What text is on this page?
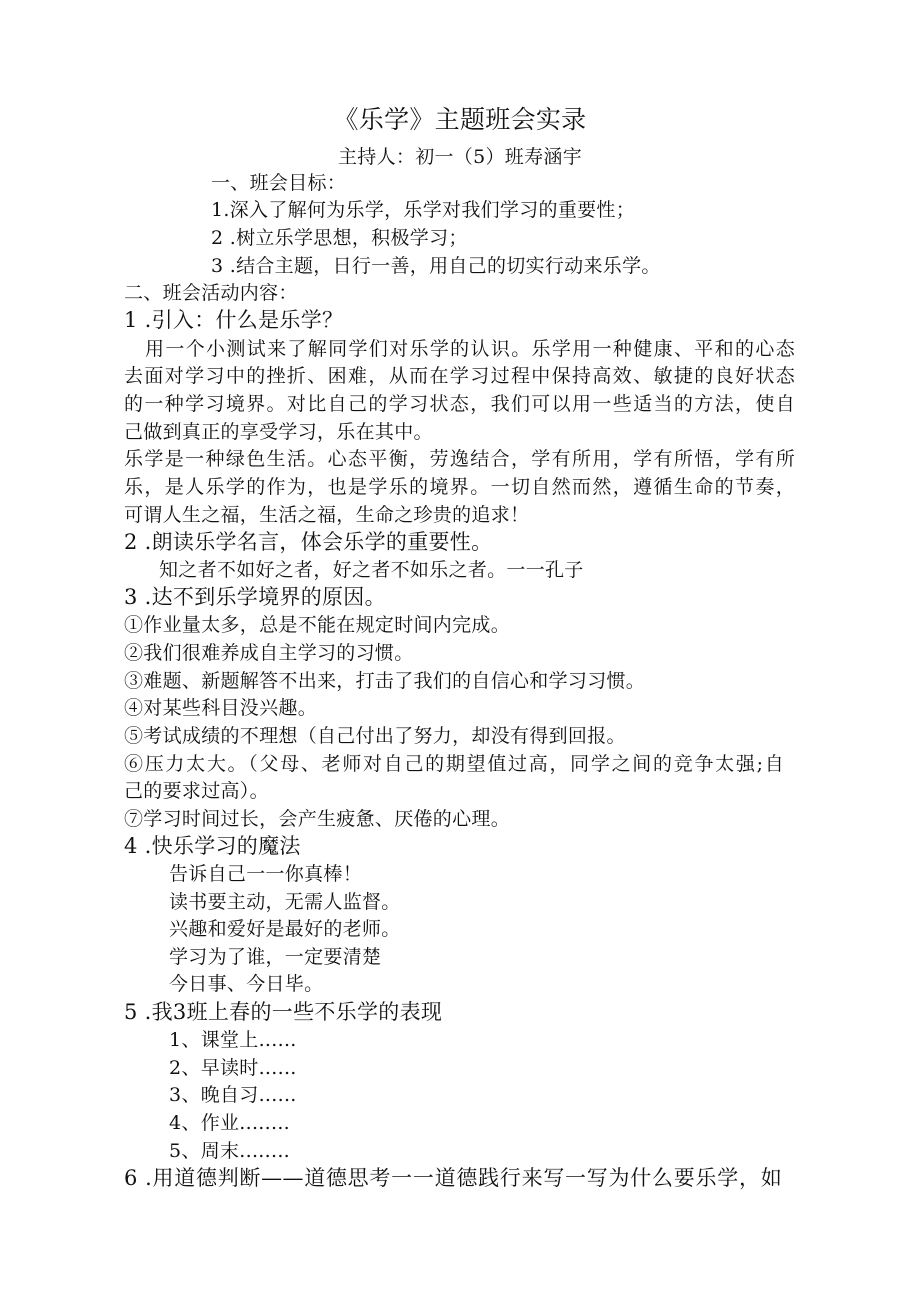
《乐学》主题班会实录
主持人：初一（5）班寿涵宇
一、班会目标：
1.深入了解何为乐学，乐学对我们学习的重要性；
2 .树立乐学思想，积极学习；
3 .结合主题，日行一善，用自己的切实行动来乐学。
二、班会活动内容：
1 .引入：什么是乐学？
用一个小测试来了解同学们对乐学的认识。乐学用一种健康、平和的心态
去面对学习中的挫折、困难，从而在学习过程中保持高效、敏捷的良好状态
的一种学习境界。对比自己的学习状态，我们可以用一些适当的方法，使自
己做到真正的享受学习，乐在其中。
乐学是一种绿色生活。心态平衡，劳逸结合，学有所用，学有所悟，学有所
乐，是人乐学的作为，也是学乐的境界。一切自然而然，遵循生命的节奏，
可谓人生之福，生活之福，生命之珍贵的追求！
2 .朗读乐学名言，体会乐学的重要性。
知之者不如好之者，好之者不如乐之者。一一孔子
3 .达不到乐学境界的原因。
①作业量太多，总是不能在规定时间内完成。
②我们很难养成自主学习的习惯。
③难题、新题解答不出来，打击了我们的自信心和学习习惯。
④对某些科目没兴趣。
⑤考试成绩的不理想（自己付出了努力，却没有得到回报。
⑥压力太大。（父母、老师对自己的期望值过高，同学之间的竞争太强;自
己的要求过高）。
⑦学习时间过长，会产生疲惫、厌倦的心理。
4 .快乐学习的魔法
告诉自己一一你真棒！
读书要主动，无需人监督。
兴趣和爱好是最好的老师。
学习为了谁，一定要清楚
今日事、今日毕。
5 .我3班上春的一些不乐学的表现
1、课堂上......
2、早读时......
3、晚自习......
4、作业........
5、周末........
6 .用道德判断——道德思考一一道德践行来写一写为什么要乐学，如
